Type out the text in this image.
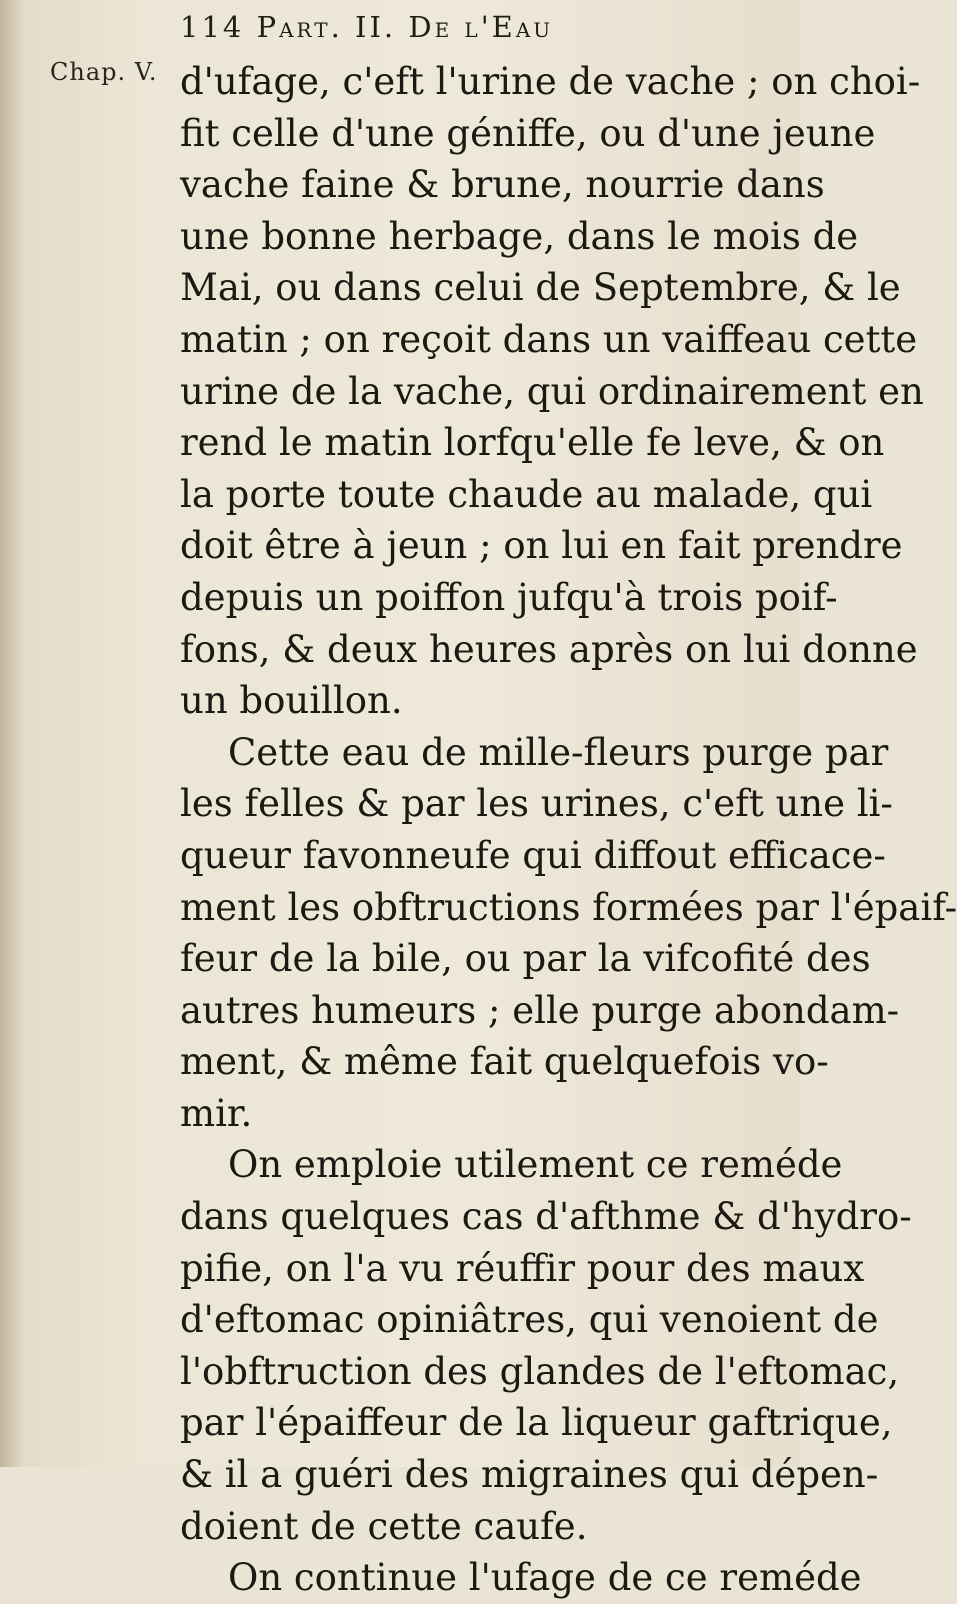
114 Part. II. De l'Eau
Chap. V. d'ufage, c'eft l'urine de vache ; on choi-
fit celle d'une géniffe, ou d'une jeune
vache faine & brune, nourrie dans
une bonne herbage, dans le mois de
Mai, ou dans celui de Septembre, & le
matin ; on reçoit dans un vaiffeau cette
urine de la vache, qui ordinairement en
rend le matin lorfqu'elle fe leve, & on
la porte toute chaude au malade, qui
doit être à jeun ; on lui en fait prendre
depuis un poiffon jufqu'à trois poif-
fons, & deux heures après on lui donne
un bouillon.
Cette eau de mille-fleurs purge par
les felles & par les urines, c'eft une li-
queur favonneufe qui diffout efficace-
ment les obftructions formées par l'épaif-
feur de la bile, ou par la vifcofité des
autres humeurs ; elle purge abondam-
ment, & même fait quelquefois vo-
mir.
On emploie utilement ce reméde
dans quelques cas d'afthme & d'hydro-
pifie, on l'a vu réuffir pour des maux
d'eftomac opiniâtres, qui venoient de
l'obftruction des glandes de l'eftomac,
par l'épaiffeur de la liqueur gaftrique,
& il a guéri des migraines qui dépen-
doient de cette caufe.
On continue l'ufage de ce reméde
